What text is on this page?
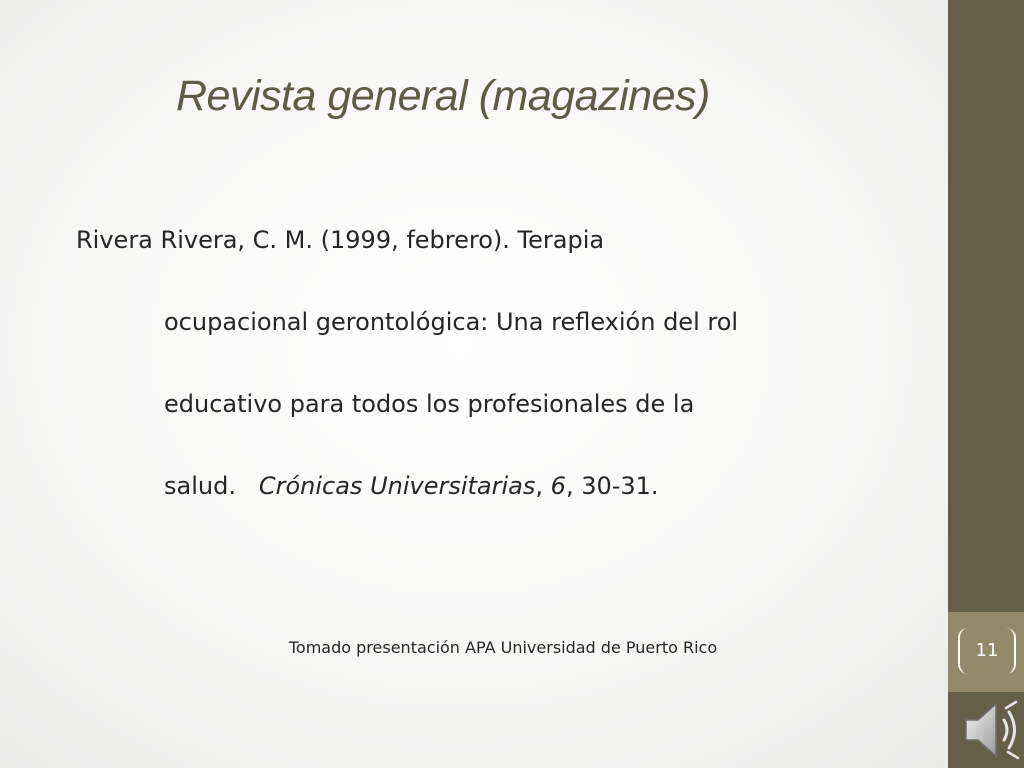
Revista general (magazines)
Rivera Rivera, C. M. (1999, febrero). Terapia
ocupacional gerontológica: Una reflexión del rol
educativo para todos los profesionales de la
salud.   Crónicas Universitarias, 6, 30-31.
Tomado presentación APA Universidad de Puerto Rico	11
